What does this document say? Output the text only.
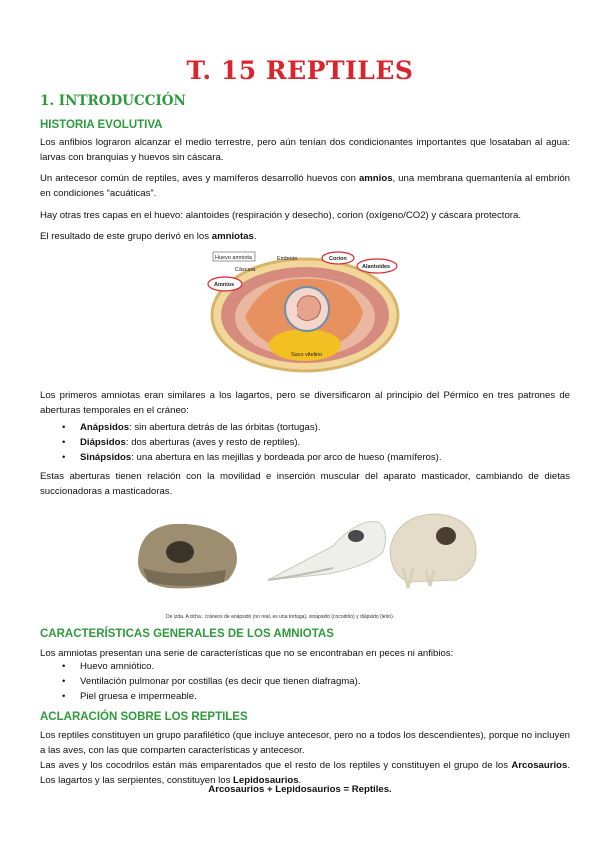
T. 15 REPTILES
1. INTRODUCCIÓN
HISTORIA EVOLUTIVA

Los anfibios lograron alcanzar el medio terrestre, pero aún tenían dos condicionantes importantes que losataban al agua: larvas con branquias y huevos sin cáscara.

Un antecesor común de reptiles, aves y mamíferos desarrolló huevos con amnios, una membrana quemantenía al embrión en condiciones “acuáticas”.

Hay otras tres capas en el huevo: alantoides (respiración y desecho), corion (oxígeno/CO2) y cáscara protectora.

El resultado de este grupo derivó en los amniotas.

Huevo amniota	Embrión
Cáscara
Corion
Alantoides
Amnios
Saco vitelino

Los primeros amniotas eran similares a los lagartos, pero se diversificaron al principio del Pérmico en tres patrones de aberturas temporales en el cráneo:

• Anápsidos: sin abertura detrás de las órbitas (tortugas).
• Diápsidos: dos aberturas (aves y resto de reptiles).
• Sinápsidos: una abertura en las mejillas y bordeada por arco de hueso (mamíferos).

Estas aberturas tienen relación con la movilidad e inserción muscular del aparato masticador, cambiando de dietas succionadoras a masticadoras.

De izda. A dcha.: cráneos de anápsido (no real, es una tortuga), sinápsido (cocodrilo) y diápsido (león).
CARACTERÍSTICAS GENERALES DE LOS AMNIOTAS

Los amniotas presentan una serie de características que no se encontraban en peces ni anfibios:

• Huevo amniótico.
• Ventilación pulmonar por costillas (es decir que tienen diafragma).
• Piel gruesa e impermeable.
ACLARACIÓN SOBRE LOS REPTILES

Los reptiles constituyen un grupo parafilético (que incluye antecesor, pero no a todos los descendientes), porque no incluyen a las aves, con las que comparten características y antecesor.

Las aves y los cocodrilos están más emparentados que el resto de los reptiles y constituyen el grupo de los Arcosaurios. Los lagartos y las serpientes, constituyen los Lepidosaurios.

Arcosaurios + Lepidosaurios = Reptiles.
